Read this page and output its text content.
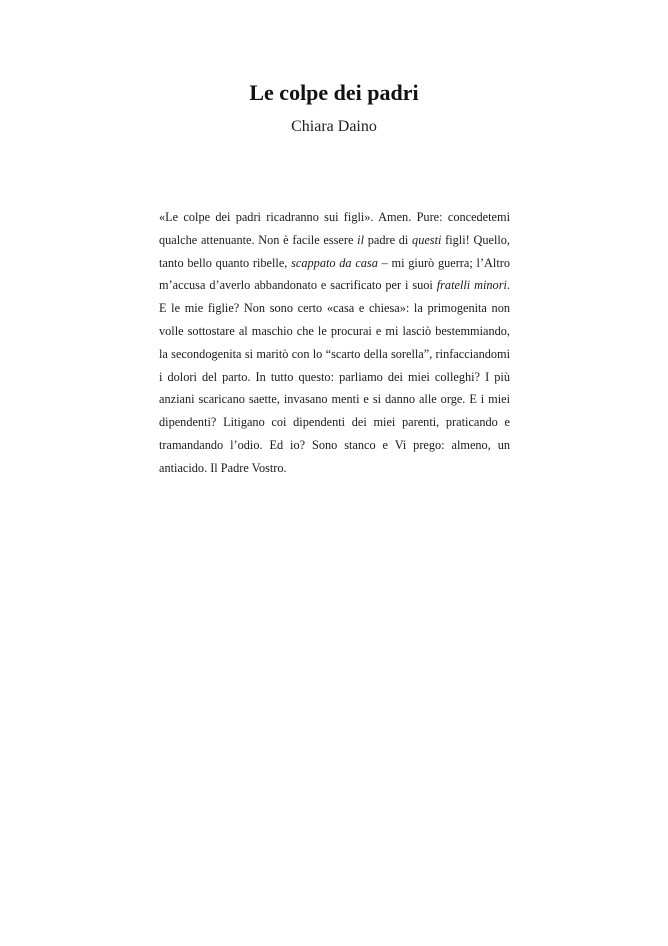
Le colpe dei padri
Chiara Daino

«Le colpe dei padri ricadranno sui figli». Amen. Pure: concedetemi qualche attenuante. Non è facile essere il padre di questi figli! Quello, tanto bello quanto ribelle, scappato da casa – mi giurò guerra; l’Altro m’accusa d’averlo abbandonato e sacrificato per i suoi fratelli minori. E le mie figlie? Non sono certo «casa e chiesa»: la primogenita non volle sottostare al maschio che le procurai e mi lasciò bestemmiando, la secondogenita si maritò con lo “scarto della sorella”, rinfacciandomi i dolori del parto. In tutto questo: parliamo dei miei colleghi? I più anziani scaricano saette, invasano menti e si danno alle orge. E i miei dipendenti? Litigano coi dipendenti dei miei parenti, praticando e tramandando l’odio. Ed io? Sono stanco e Vi prego: almeno, un antiacido. Il Padre Vostro.
